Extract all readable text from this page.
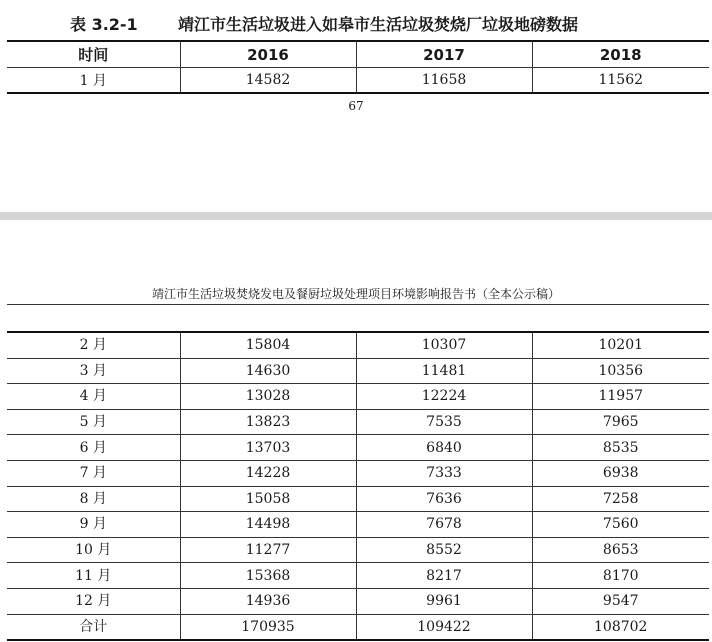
表 3.2-1	靖江市生活垃圾进入如皋市生活垃圾焚烧厂垃圾地磅数据
时间	2016	2017	2018
1 月	14582	11658	11562
67
靖江市生活垃圾焚烧发电及餐厨垃圾处理项目环境影响报告书（全本公示稿）
2 月	15804	10307	10201
3 月	14630	11481	10356
4 月	13028	12224	11957
5 月	13823	7535	7965
6 月	13703	6840	8535
7 月	14228	7333	6938
8 月	15058	7636	7258
9 月	14498	7678	7560
10 月	11277	8552	8653
11 月	15368	8217	8170
12 月	14936	9961	9547
合计	170935	109422	108702
